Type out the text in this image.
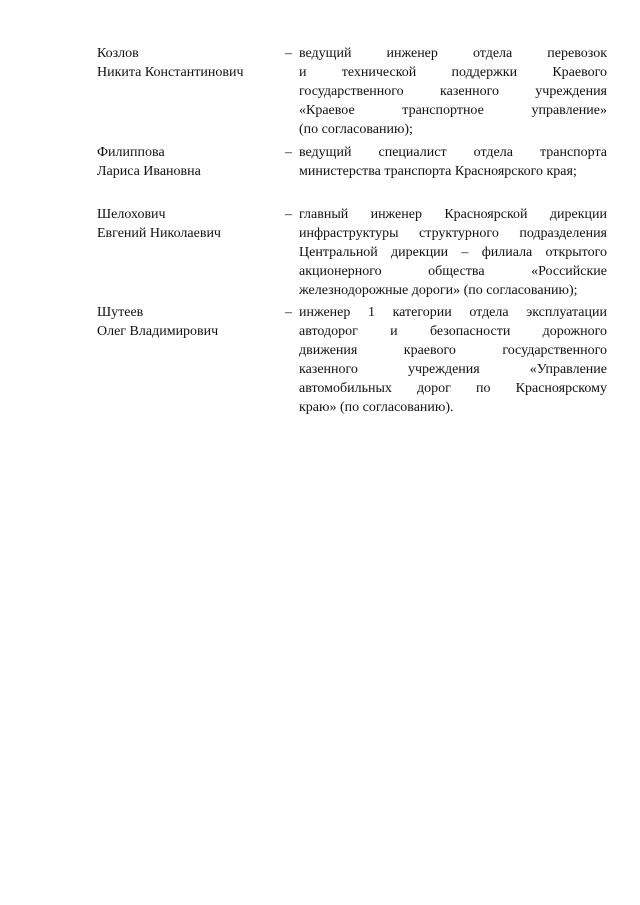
Козлов
Никита Константинович
– ведущий инженер отдела перевозок
и технической поддержки Краевого
государственного казенного учреждения
«Краевое транспортное управление»
(по согласованию);
Филиппова
Лариса Ивановна
– ведущий специалист отдела транспорта
министерства транспорта Красноярского края;
Шелохович
Евгений Николаевич
– главный инженер Красноярской дирекции
инфраструктуры структурного подразделения
Центральной дирекции – филиала открытого
акционерного общества «Российские
железнодорожные дороги» (по согласованию);
Шутеев
Олег Владимирович
– инженер 1 категории отдела эксплуатации
автодорог и безопасности дорожного
движения краевого государственного
казенного учреждения «Управление
автомобильных дорог по Красноярскому
краю» (по согласованию).
